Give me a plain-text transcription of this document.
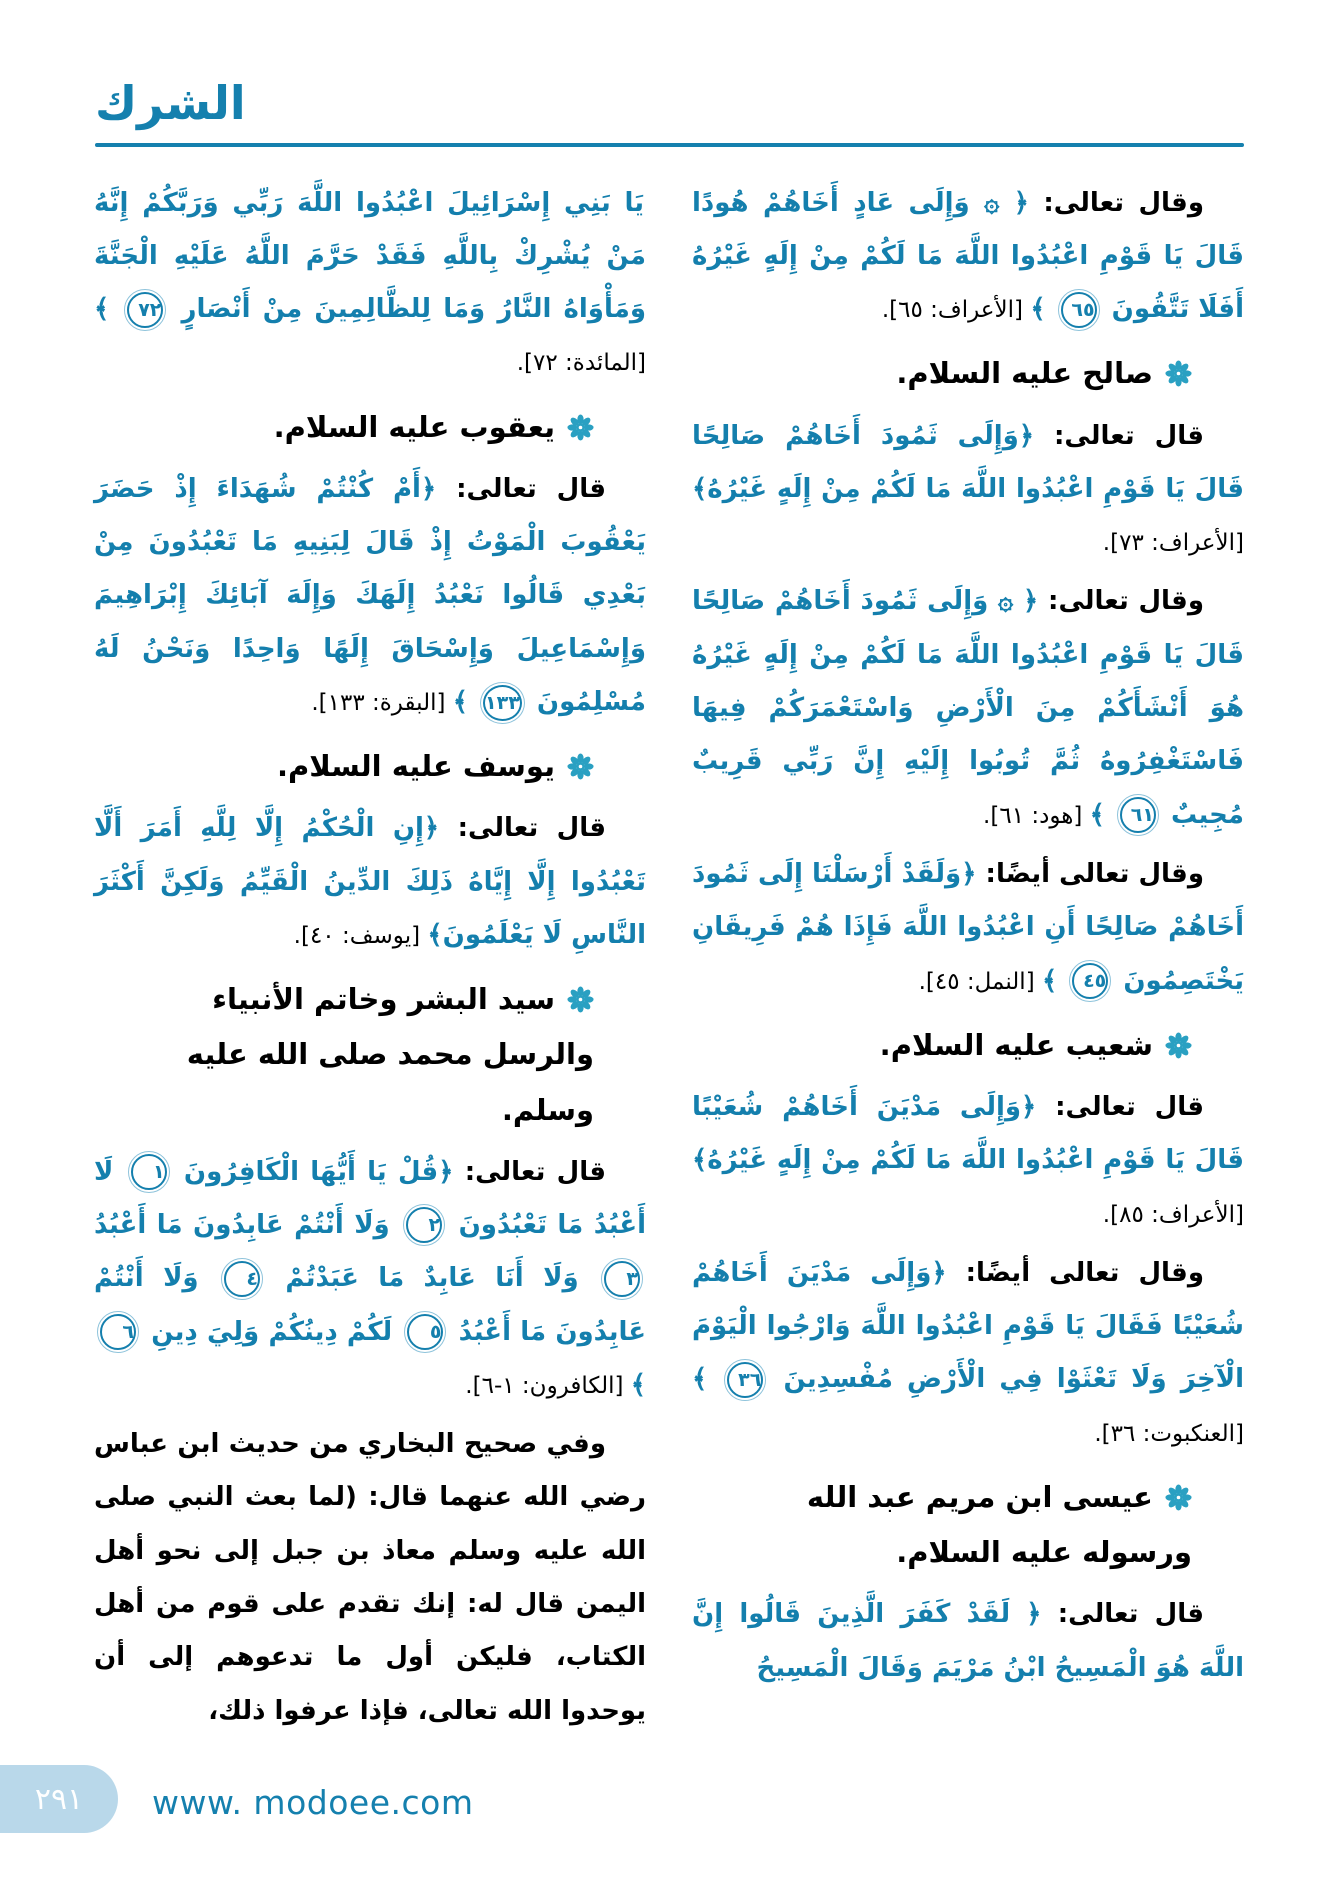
الشرك

وقال تعالى: ﴿ ۞ وَإِلَى عَادٍ أَخَاهُمْ هُودًا قَالَ يَا قَوْمِ اعْبُدُوا اللَّهَ مَا لَكُمْ مِنْ إِلَهٍ غَيْرُهُ أَفَلَا تَتَّقُونَ ٦٥ ﴾ [الأعراف: ٦٥].

صالح عليه السلام.

قال تعالى: ﴿وَإِلَى ثَمُودَ أَخَاهُمْ صَالِحًا قَالَ يَا قَوْمِ اعْبُدُوا اللَّهَ مَا لَكُمْ مِنْ إِلَهٍ غَيْرُهُ﴾ [الأعراف: ٧٣].

وقال تعالى: ﴿ ۞ وَإِلَى ثَمُودَ أَخَاهُمْ صَالِحًا قَالَ يَا قَوْمِ اعْبُدُوا اللَّهَ مَا لَكُمْ مِنْ إِلَهٍ غَيْرُهُ هُوَ أَنْشَأَكُمْ مِنَ الْأَرْضِ وَاسْتَعْمَرَكُمْ فِيهَا فَاسْتَغْفِرُوهُ ثُمَّ تُوبُوا إِلَيْهِ إِنَّ رَبِّي قَرِيبٌ مُجِيبٌ ٦١ ﴾ [هود: ٦١].

وقال تعالى أيضًا: ﴿وَلَقَدْ أَرْسَلْنَا إِلَى ثَمُودَ أَخَاهُمْ صَالِحًا أَنِ اعْبُدُوا اللَّهَ فَإِذَا هُمْ فَرِيقَانِ يَخْتَصِمُونَ ٤٥ ﴾ [النمل: ٤٥].

شعيب عليه السلام.

قال تعالى: ﴿وَإِلَى مَدْيَنَ أَخَاهُمْ شُعَيْبًا قَالَ يَا قَوْمِ اعْبُدُوا اللَّهَ مَا لَكُمْ مِنْ إِلَهٍ غَيْرُهُ﴾ [الأعراف: ٨٥].

وقال تعالى أيضًا: ﴿وَإِلَى مَدْيَنَ أَخَاهُمْ شُعَيْبًا فَقَالَ يَا قَوْمِ اعْبُدُوا اللَّهَ وَارْجُوا الْيَوْمَ الْآخِرَ وَلَا تَعْثَوْا فِي الْأَرْضِ مُفْسِدِينَ ٣٦ ﴾ [العنكبوت: ٣٦].

عيسى ابن مريم عبد الله ورسوله عليه السلام.

قال تعالى: ﴿ لَقَدْ كَفَرَ الَّذِينَ قَالُوا إِنَّ اللَّهَ هُوَ الْمَسِيحُ ابْنُ مَرْيَمَ وَقَالَ الْمَسِيحُ

يَا بَنِي إِسْرَائِيلَ اعْبُدُوا اللَّهَ رَبِّي وَرَبَّكُمْ إِنَّهُ مَنْ يُشْرِكْ بِاللَّهِ فَقَدْ حَرَّمَ اللَّهُ عَلَيْهِ الْجَنَّةَ وَمَأْوَاهُ النَّارُ وَمَا لِلظَّالِمِينَ مِنْ أَنْصَارٍ ٧٢ ﴾ [المائدة: ٧٢].

يعقوب عليه السلام.

قال تعالى: ﴿أَمْ كُنْتُمْ شُهَدَاءَ إِذْ حَضَرَ يَعْقُوبَ الْمَوْتُ إِذْ قَالَ لِبَنِيهِ مَا تَعْبُدُونَ مِنْ بَعْدِي قَالُوا نَعْبُدُ إِلَهَكَ وَإِلَهَ آبَائِكَ إِبْرَاهِيمَ وَإِسْمَاعِيلَ وَإِسْحَاقَ إِلَهًا وَاحِدًا وَنَحْنُ لَهُ مُسْلِمُونَ ١٣٣ ﴾ [البقرة: ١٣٣].

يوسف عليه السلام.

قال تعالى: ﴿إِنِ الْحُكْمُ إِلَّا لِلَّهِ أَمَرَ أَلَّا تَعْبُدُوا إِلَّا إِيَّاهُ ذَلِكَ الدِّينُ الْقَيِّمُ وَلَكِنَّ أَكْثَرَ النَّاسِ لَا يَعْلَمُونَ﴾ [يوسف: ٤٠].

سيد البشر وخاتم الأنبياء والرسل محمد صلى الله عليه وسلم.

قال تعالى: ﴿قُلْ يَا أَيُّهَا الْكَافِرُونَ ١ لَا أَعْبُدُ مَا تَعْبُدُونَ ٢ وَلَا أَنْتُمْ عَابِدُونَ مَا أَعْبُدُ ٣ وَلَا أَنَا عَابِدٌ مَا عَبَدْتُمْ ٤ وَلَا أَنْتُمْ عَابِدُونَ مَا أَعْبُدُ ٥ لَكُمْ دِينُكُمْ وَلِيَ دِينِ ٦ ﴾ [الكافرون: ١-٦].

وفي صحيح البخاري من حديث ابن عباس رضي الله عنهما قال: (لما بعث النبي صلى الله عليه وسلم معاذ بن جبل إلى نحو أهل اليمن قال له: إنك تقدم على قوم من أهل الكتاب، فليكن أول ما تدعوهم إلى أن يوحدوا الله تعالى، فإذا عرفوا ذلك،

٢٩١ www. modoee.com
